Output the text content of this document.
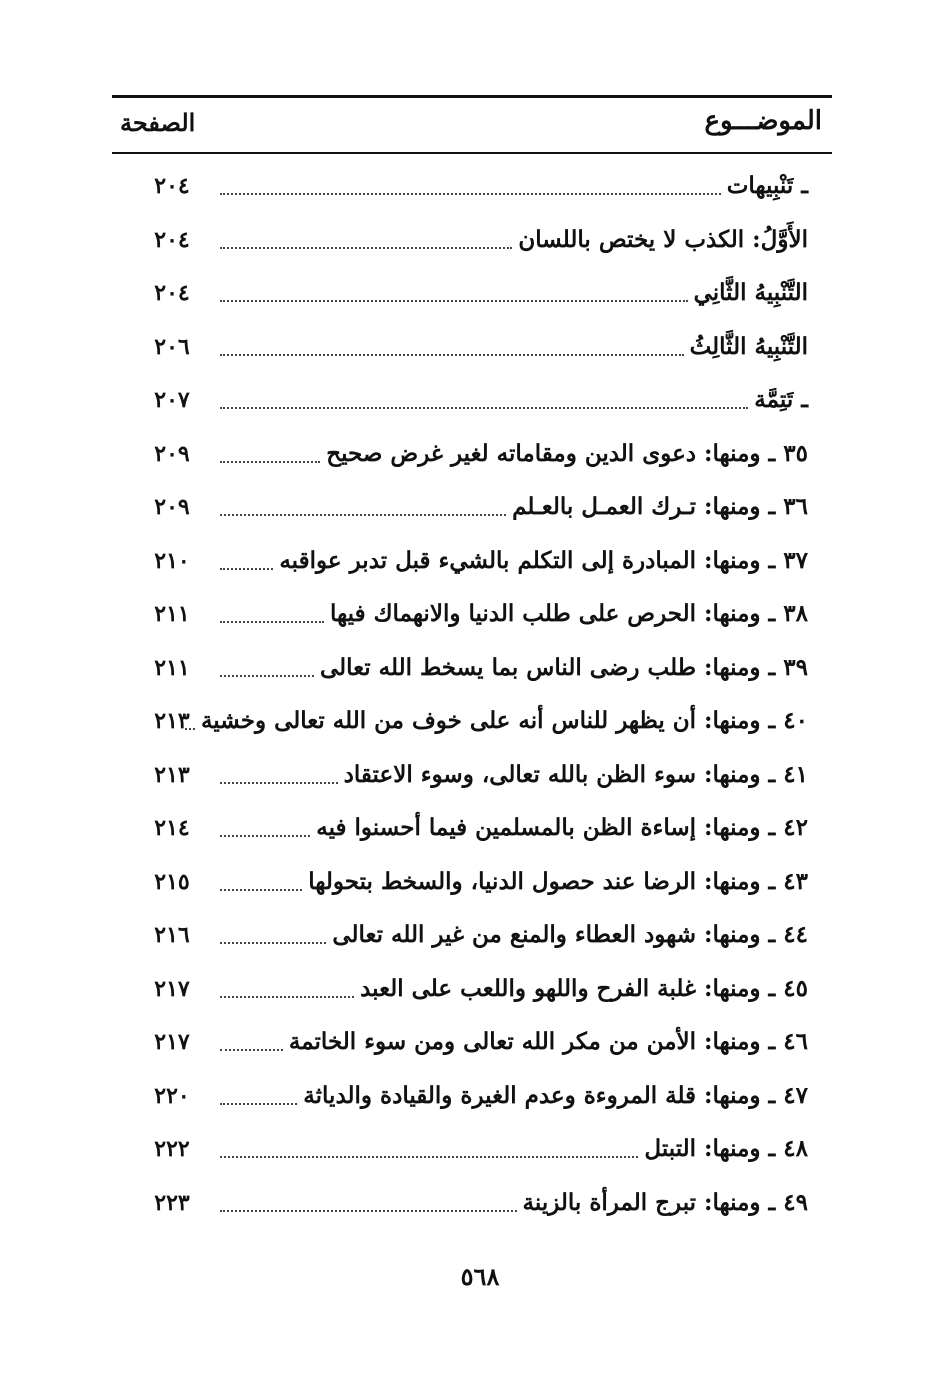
الموضـــوع
الصفحة
ـ تَنْبِيهات
٢٠٤
الأَوَّلُ: الكذب لا يختص باللسان
٢٠٤
التَّنْبِيهُ الثَّانِي
٢٠٤
التَّنْبِيهُ الثَّالِثُ
٢٠٦
ـ تَتِمَّة
٢٠٧
٣٥ ـ ومنها: دعوى الدين ومقاماته لغير غرض صحيح
٢٠٩
٣٦ ـ ومنها: تـرك العمـل بالعـلم
٢٠٩
٣٧ ـ ومنها: المبادرة إلى التكلم بالشيء قبل تدبر عواقبه
٢١٠
٣٨ ـ ومنها: الحرص على طلب الدنيا والانهماك فيها
٢١١
٣٩ ـ ومنها: طلب رضى الناس بما يسخط الله تعالى
٢١١
٤٠ ـ ومنها: أن يظهر للناس أنه على خوف من الله تعالى وخشية
٢١٣
٤١ ـ ومنها: سوء الظن بالله تعالى، وسوء الاعتقاد
٢١٣
٤٢ ـ ومنها: إساءة الظن بالمسلمين فيما أحسنوا فيه
٢١٤
٤٣ ـ ومنها: الرضا عند حصول الدنيا، والسخط بتحولها
٢١٥
٤٤ ـ ومنها: شهود العطاء والمنع من غير الله تعالى
٢١٦
٤٥ ـ ومنها: غلبة الفرح واللهو واللعب على العبد
٢١٧
٤٦ ـ ومنها: الأمن من مكر الله تعالى ومن سوء الخاتمة
٢١٧
٤٧ ـ ومنها: قلة المروءة وعدم الغيرة والقيادة والدياثة
٢٢٠
٤٨ ـ ومنها: التبتل
٢٢٢
٤٩ ـ ومنها: تبرج المرأة بالزينة
٢٢٣
٥٦٨
